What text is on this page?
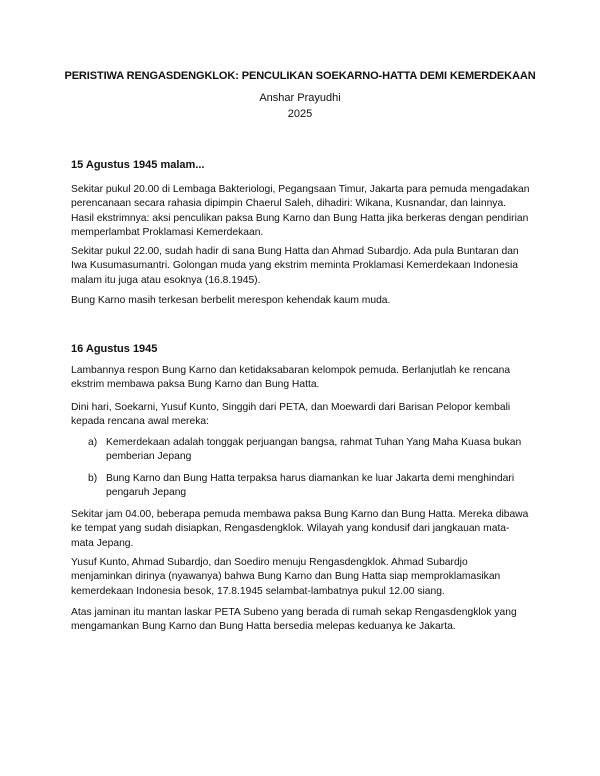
PERISTIWA RENGASDENGKLOK: PENCULIKAN SOEKARNO-HATTA DEMI KEMERDEKAAN
Anshar Prayudhi
2025
15 Agustus 1945 malam...
Sekitar pukul 20.00 di Lembaga Bakteriologi, Pegangsaan Timur, Jakarta para pemuda mengadakan perencanaan secara rahasia dipimpin Chaerul Saleh, dihadiri: Wikana, Kusnandar, dan lainnya. Hasil ekstrimnya: aksi penculikan paksa Bung Karno dan Bung Hatta jika berkeras dengan pendirian memperlambat Proklamasi Kemerdekaan.
Sekitar pukul 22.00, sudah hadir di sana Bung Hatta dan Ahmad Subardjo. Ada pula Buntaran dan Iwa Kusumasumantri. Golongan muda yang ekstrim meminta Proklamasi Kemerdekaan Indonesia malam itu juga atau esoknya (16.8.1945).
Bung Karno masih terkesan berbelit merespon kehendak kaum muda.
16 Agustus 1945
Lambannya respon Bung Karno dan ketidaksabaran kelompok pemuda. Berlanjutlah ke rencana ekstrim membawa paksa Bung Karno dan Bung Hatta.
Dini hari, Soekarni, Yusuf Kunto, Singgih dari PETA, dan Moewardi dari Barisan Pelopor kembali kepada rencana awal mereka:
a) Kemerdekaan adalah tonggak perjuangan bangsa, rahmat Tuhan Yang Maha Kuasa bukan pemberian Jepang
b) Bung Karno dan Bung Hatta terpaksa harus diamankan ke luar Jakarta demi menghindari pengaruh Jepang
Sekitar jam 04.00, beberapa pemuda membawa paksa Bung Karno dan Bung Hatta. Mereka dibawa ke tempat yang sudah disiapkan, Rengasdengklok. Wilayah yang kondusif dari jangkauan mata-mata Jepang.
Yusuf Kunto, Ahmad Subardjo, dan Soediro menuju Rengasdengklok. Ahmad Subardjo menjaminkan dirinya (nyawanya) bahwa Bung Karno dan Bung Hatta siap memproklamasikan kemerdekaan Indonesia besok, 17.8.1945 selambat-lambatnya pukul 12.00 siang.
Atas jaminan itu mantan laskar PETA Subeno yang berada di rumah sekap Rengasdengklok yang mengamankan Bung Karno dan Bung Hatta bersedia melepas keduanya ke Jakarta.
